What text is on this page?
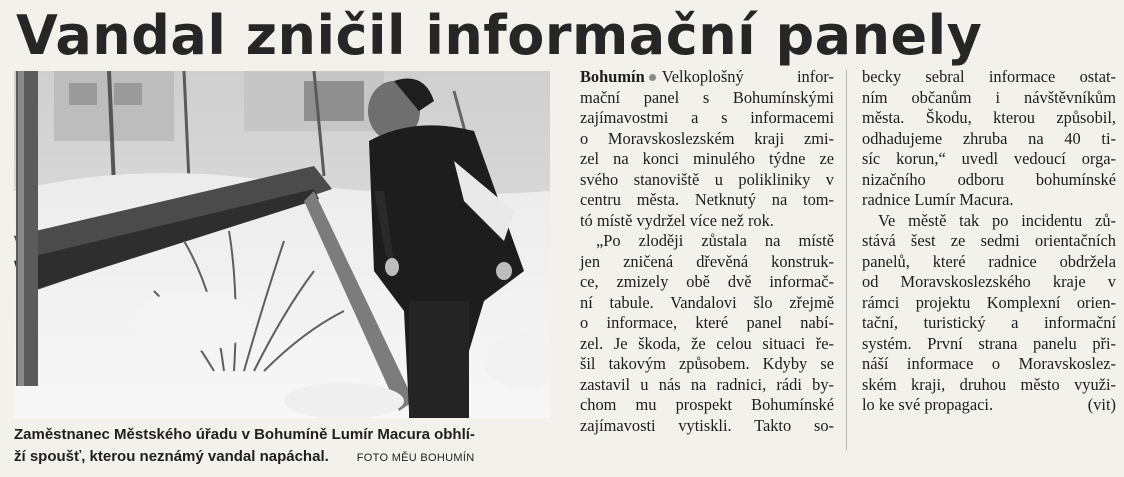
Vandal zničil informační panely
Zaměstnanec Městského úřadu v Bohumíně Lumír Macura obhlí-
ží spoušť, kterou neznámý vandal napáchal.	FOTO MĚU BOHUMÍN
Bohumín Velkoplošný infor-
mační panel s Bohumínskými
zajímavostmi a s informacemi
o Moravskoslezském kraji zmi-
zel na konci minulého týdne ze
svého stanoviště u polikliniky v
centru města. Netknutý na tom-
tó místě vydržel více než rok.
„Po zloději zůstala na místě
jen zničená dřevěná konstruk-
ce, zmizely obě dvě informač-
ní tabule. Vandalovi šlo zřejmě
o informace, které panel nabí-
zel. Je škoda, že celou situaci ře-
šil takovým způsobem. Kdyby se
zastavil u nás na radnici, rádi by-
chom mu prospekt Bohumínské
zajímavosti vytiskli. Takto so-
becky sebral informace ostat-
ním občanům i návštěvníkům
města. Škodu, kterou způsobil,
odhadujeme zhruba na 40 ti-
síc korun,“ uvedl vedoucí orga-
nizačního odboru bohumínské
radnice Lumír Macura.
Ve městě tak po incidentu zů-
stává šest ze sedmi orientačních
panelů, které radnice obdržela
od Moravskoslezského kraje v
rámci projektu Komplexní orien-
tační, turistický a informační
systém. První strana panelu při-
náší informace o Moravskoslez-
ském kraji, druhou město využi-
lo ke své propagaci.	(vit)
